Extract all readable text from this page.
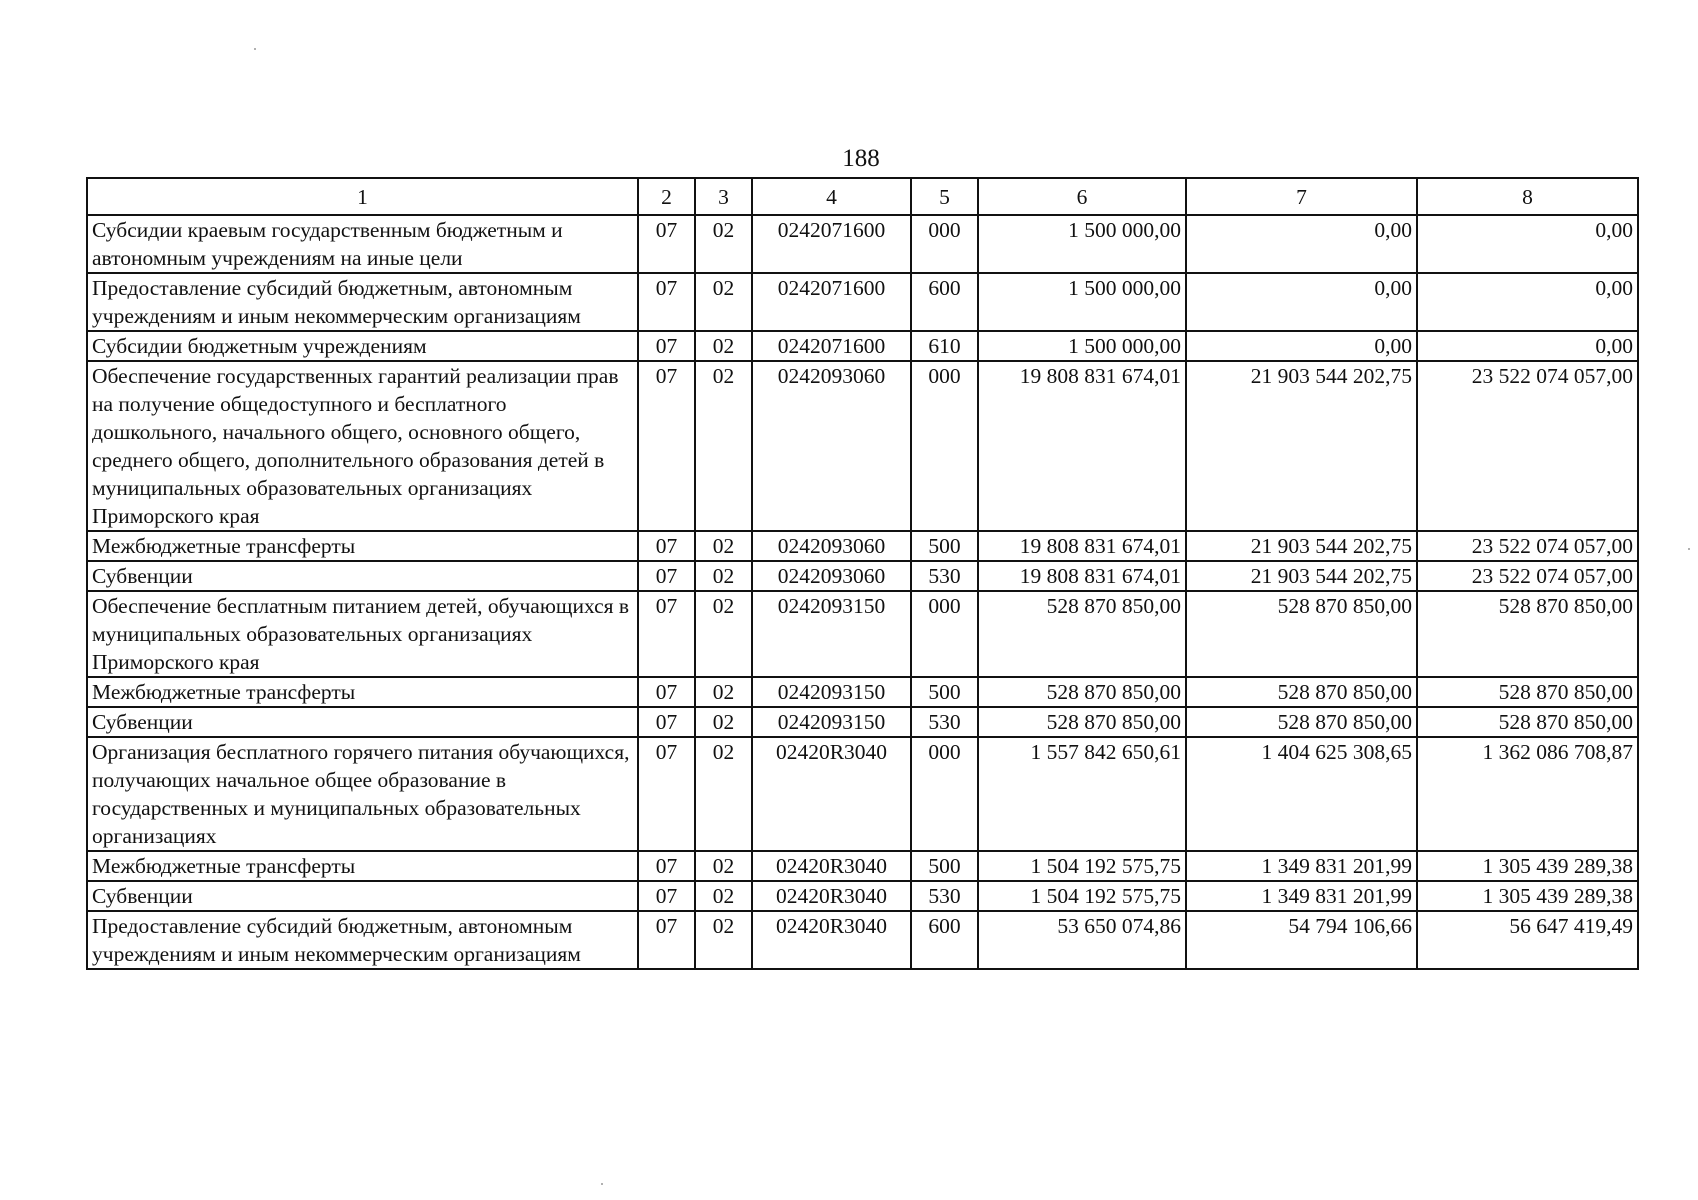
188
1	2	3	4	5	6	7	8
Субсидии краевым государственным бюджетным и автономным учреждениям на иные цели	07	02	0242071600	000	1 500 000,00	0,00	0,00
Предоставление субсидий бюджетным, автономным учреждениям и иным некоммерческим организациям	07	02	0242071600	600	1 500 000,00	0,00	0,00
Субсидии бюджетным учреждениям	07	02	0242071600	610	1 500 000,00	0,00	0,00
Обеспечение государственных гарантий реализации прав на получение общедоступного и бесплатного дошкольного, начального общего, основного общего, среднего общего, дополнительного образования детей в муниципальных образовательных организациях Приморского края	07	02	0242093060	000	19 808 831 674,01	21 903 544 202,75	23 522 074 057,00
Межбюджетные трансферты	07	02	0242093060	500	19 808 831 674,01	21 903 544 202,75	23 522 074 057,00
Субвенции	07	02	0242093060	530	19 808 831 674,01	21 903 544 202,75	23 522 074 057,00
Обеспечение бесплатным питанием детей, обучающихся в муниципальных образовательных организациях Приморского края	07	02	0242093150	000	528 870 850,00	528 870 850,00	528 870 850,00
Межбюджетные трансферты	07	02	0242093150	500	528 870 850,00	528 870 850,00	528 870 850,00
Субвенции	07	02	0242093150	530	528 870 850,00	528 870 850,00	528 870 850,00
Организация бесплатного горячего питания обучающихся, получающих начальное общее образование в государственных и муниципальных образовательных организациях	07	02	02420R3040	000	1 557 842 650,61	1 404 625 308,65	1 362 086 708,87
Межбюджетные трансферты	07	02	02420R3040	500	1 504 192 575,75	1 349 831 201,99	1 305 439 289,38
Субвенции	07	02	02420R3040	530	1 504 192 575,75	1 349 831 201,99	1 305 439 289,38
Предоставление субсидий бюджетным, автономным учреждениям и иным некоммерческим организациям	07	02	02420R3040	600	53 650 074,86	54 794 106,66	56 647 419,49
